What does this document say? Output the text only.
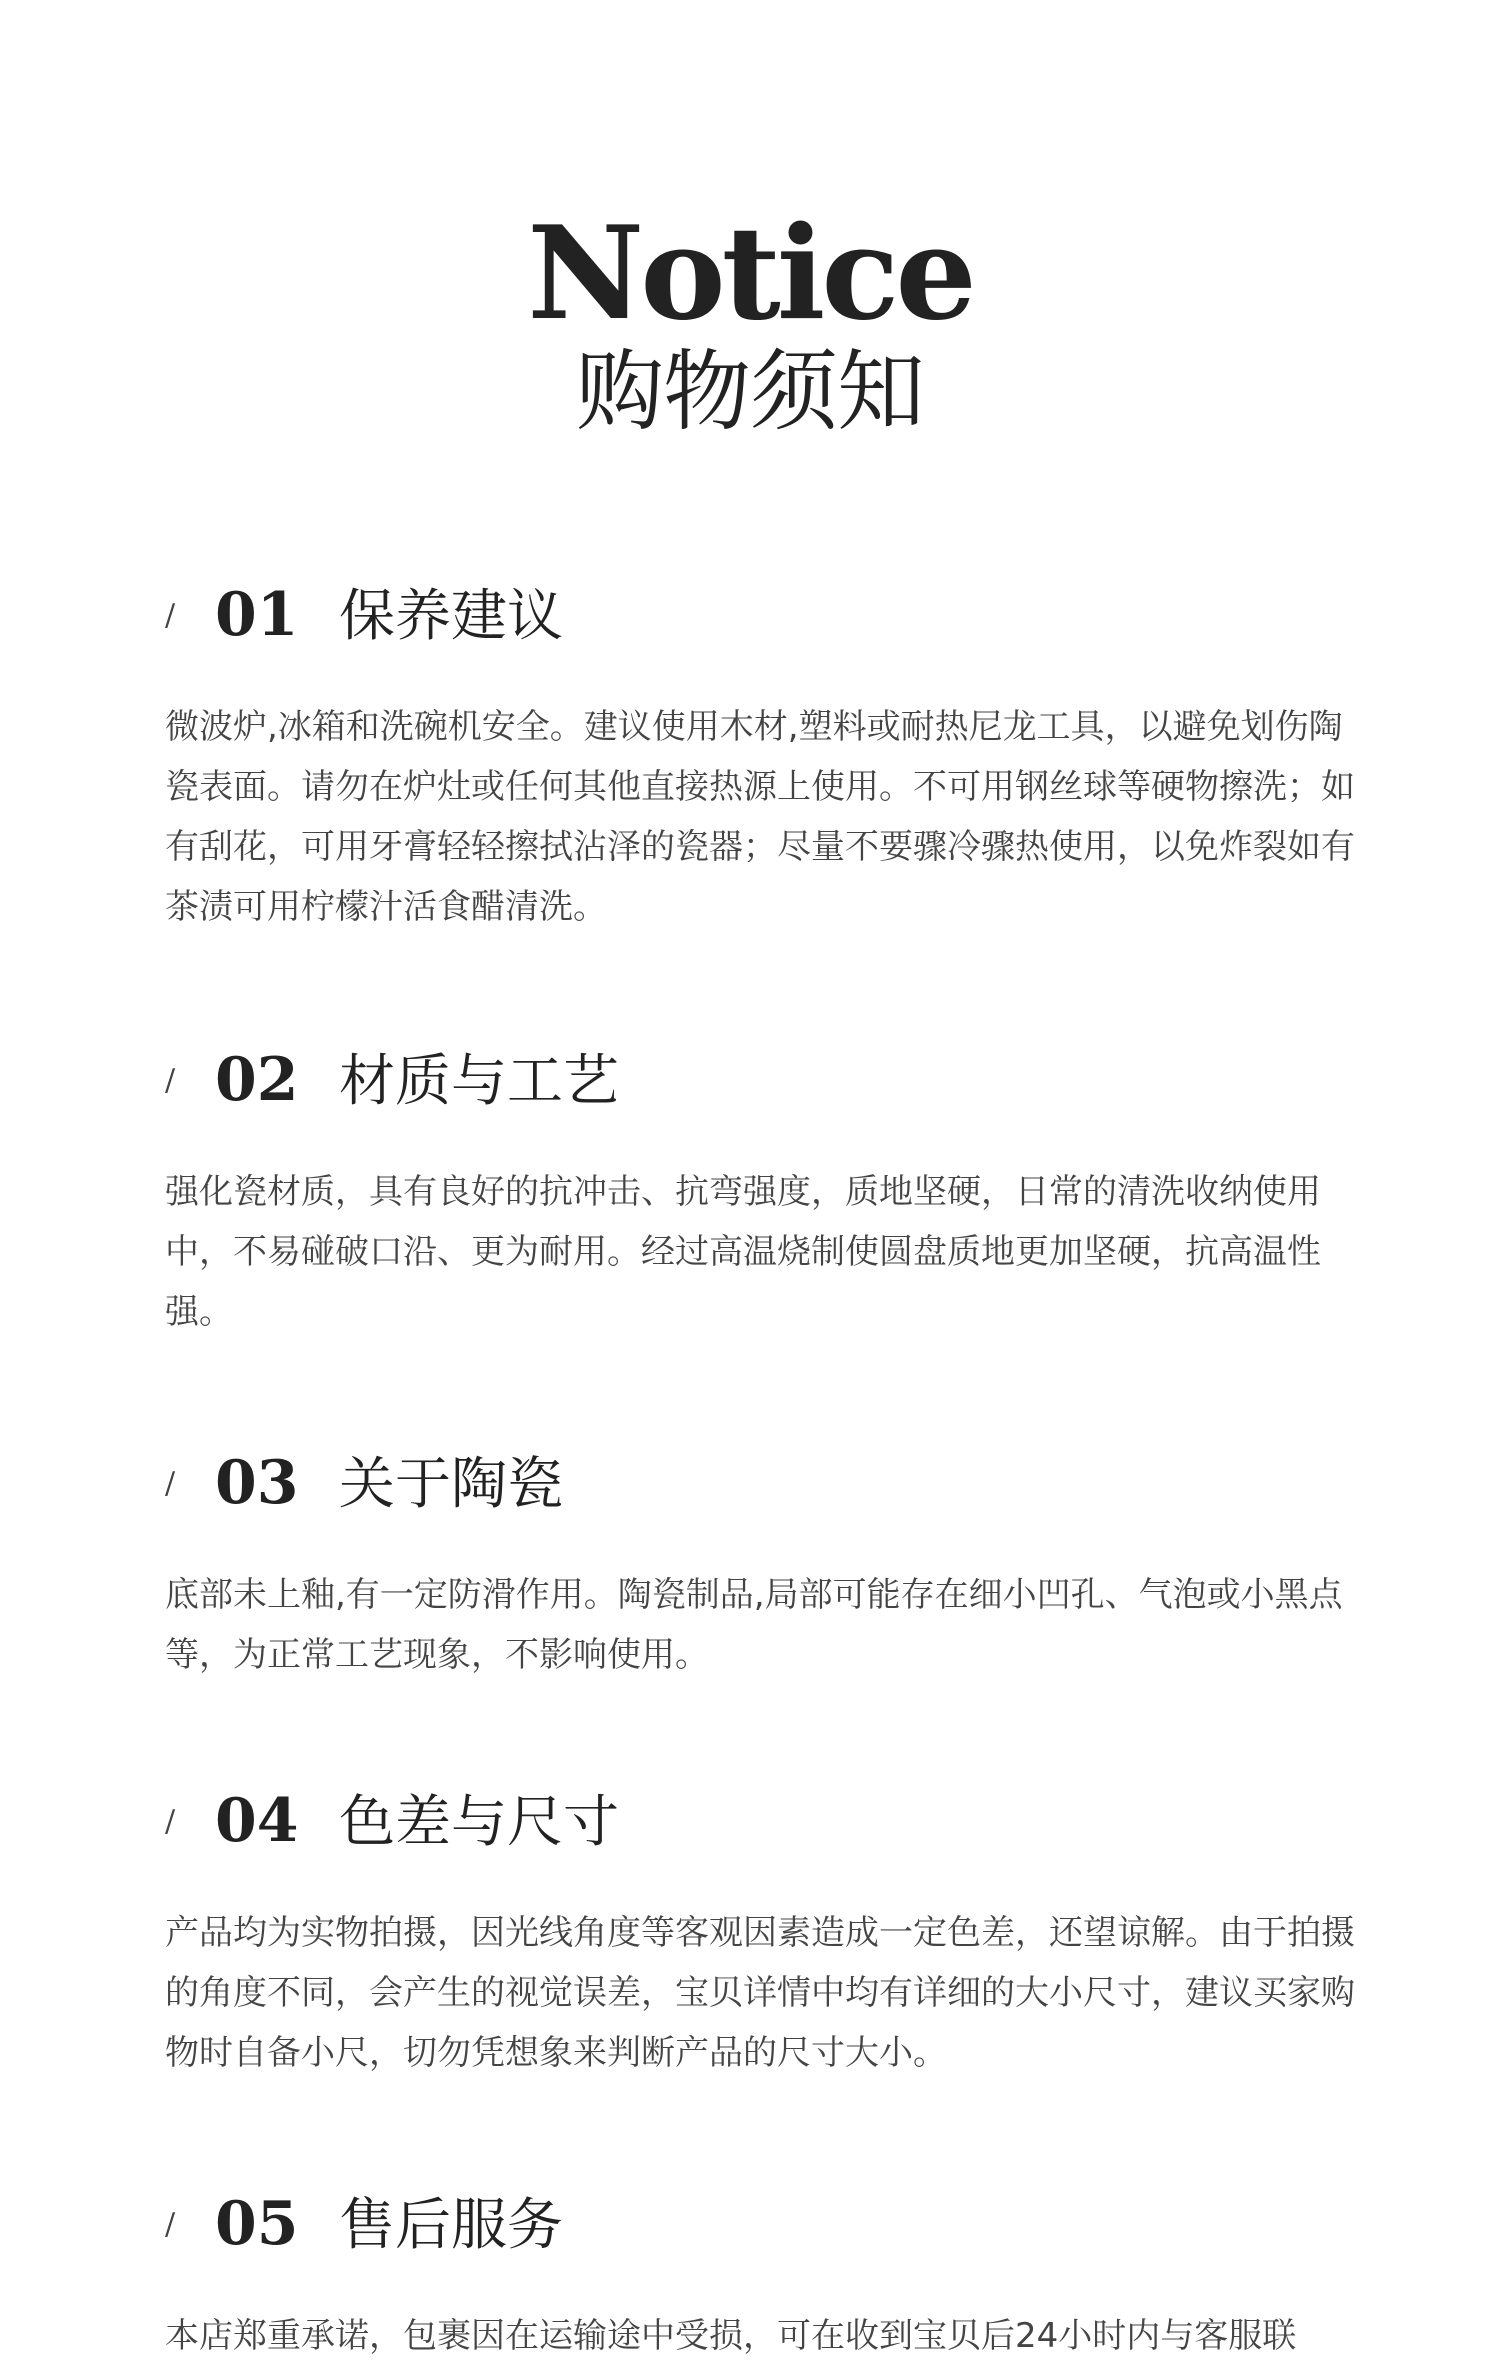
Notice
购物须知
/ 01 保养建议
微波炉,冰箱和洗碗机安全。建议使用木材,塑料或耐热尼龙工具，以避免划伤陶瓷表面。请勿在炉灶或任何其他直接热源上使用。不可用钢丝球等硬物擦洗；如有刮花，可用牙膏轻轻擦拭沾泽的瓷器；尽量不要骤冷骤热使用，以免炸裂如有茶渍可用柠檬汁活食醋清洗。
/ 02 材质与工艺
强化瓷材质，具有良好的抗冲击、抗弯强度，质地坚硬，日常的清洗收纳使用中，不易碰破口沿、更为耐用。经过高温烧制使圆盘质地更加坚硬，抗高温性强。
/ 03 关于陶瓷
底部未上釉,有一定防滑作用。陶瓷制品,局部可能存在细小凹孔、气泡或小黑点等，为正常工艺现象，不影响使用。
/ 04 色差与尺寸
产品均为实物拍摄，因光线角度等客观因素造成一定色差，还望谅解。由于拍摄的角度不同，会产生的视觉误差，宝贝详情中均有详细的大小尺寸，建议买家购物时自备小尺，切勿凭想象来判断产品的尺寸大小。
/ 05 售后服务
本店郑重承诺，包裹因在运输途中受损，可在收到宝贝后24小时内与客服联
